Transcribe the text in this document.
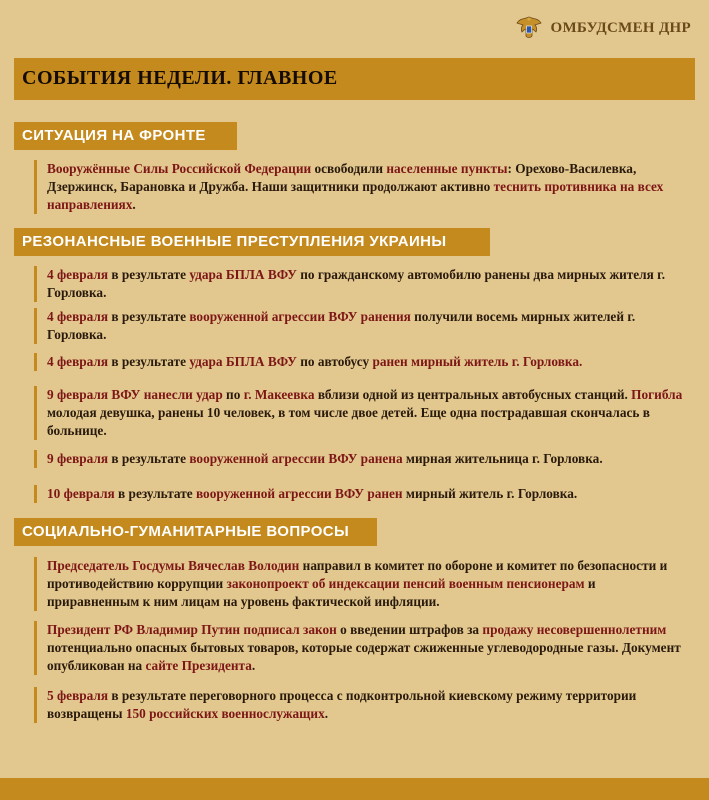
ОМБУДСМЕН ДНР
СОБЫТИЯ НЕДЕЛИ. ГЛАВНОЕ
СИТУАЦИЯ НА ФРОНТЕ
Вооружённые Силы Российской Федерации освободили населенные пункты: Орехово-Василевка, Дзержинск, Барановка и Дружба. Наши защитники продолжают активно теснить противника на всех направлениях.
РЕЗОНАНСНЫЕ ВОЕННЫЕ ПРЕСТУПЛЕНИЯ УКРАИНЫ
4 февраля в результате удара БПЛА ВФУ по гражданскому автомобилю ранены два мирных жителя г. Горловка.
4 февраля в результате вооруженной агрессии ВФУ ранения получили восемь мирных жителей г. Горловка.
4 февраля в результате удара БПЛА ВФУ по автобусу ранен мирный житель г. Горловка.
9 февраля ВФУ нанесли удар по г. Макеевка вблизи одной из центральных автобусных станций. Погибла молодая девушка, ранены 10 человек, в том числе двое детей. Еще одна пострадавшая скончалась в больнице.
9 февраля в результате вооруженной агрессии ВФУ ранена мирная жительница г. Горловка.
10 февраля в результате вооруженной агрессии ВФУ ранен мирный житель г. Горловка.
СОЦИАЛЬНО-ГУМАНИТАРНЫЕ ВОПРОСЫ
Председатель Госдумы Вячеслав Володин направил в комитет по обороне и комитет по безопасности и противодействию коррупции законопроект об индексации пенсий военным пенсионерам и приравненным к ним лицам на уровень фактической инфляции.
Президент РФ Владимир Путин подписал закон о введении штрафов за продажу несовершеннолетним потенциально опасных бытовых товаров, которые содержат сжиженные углеводородные газы. Документ опубликован на сайте Президента.
5 февраля в результате переговорного процесса с подконтрольной киевскому режиму территории возвращены 150 российских военнослужащих.
